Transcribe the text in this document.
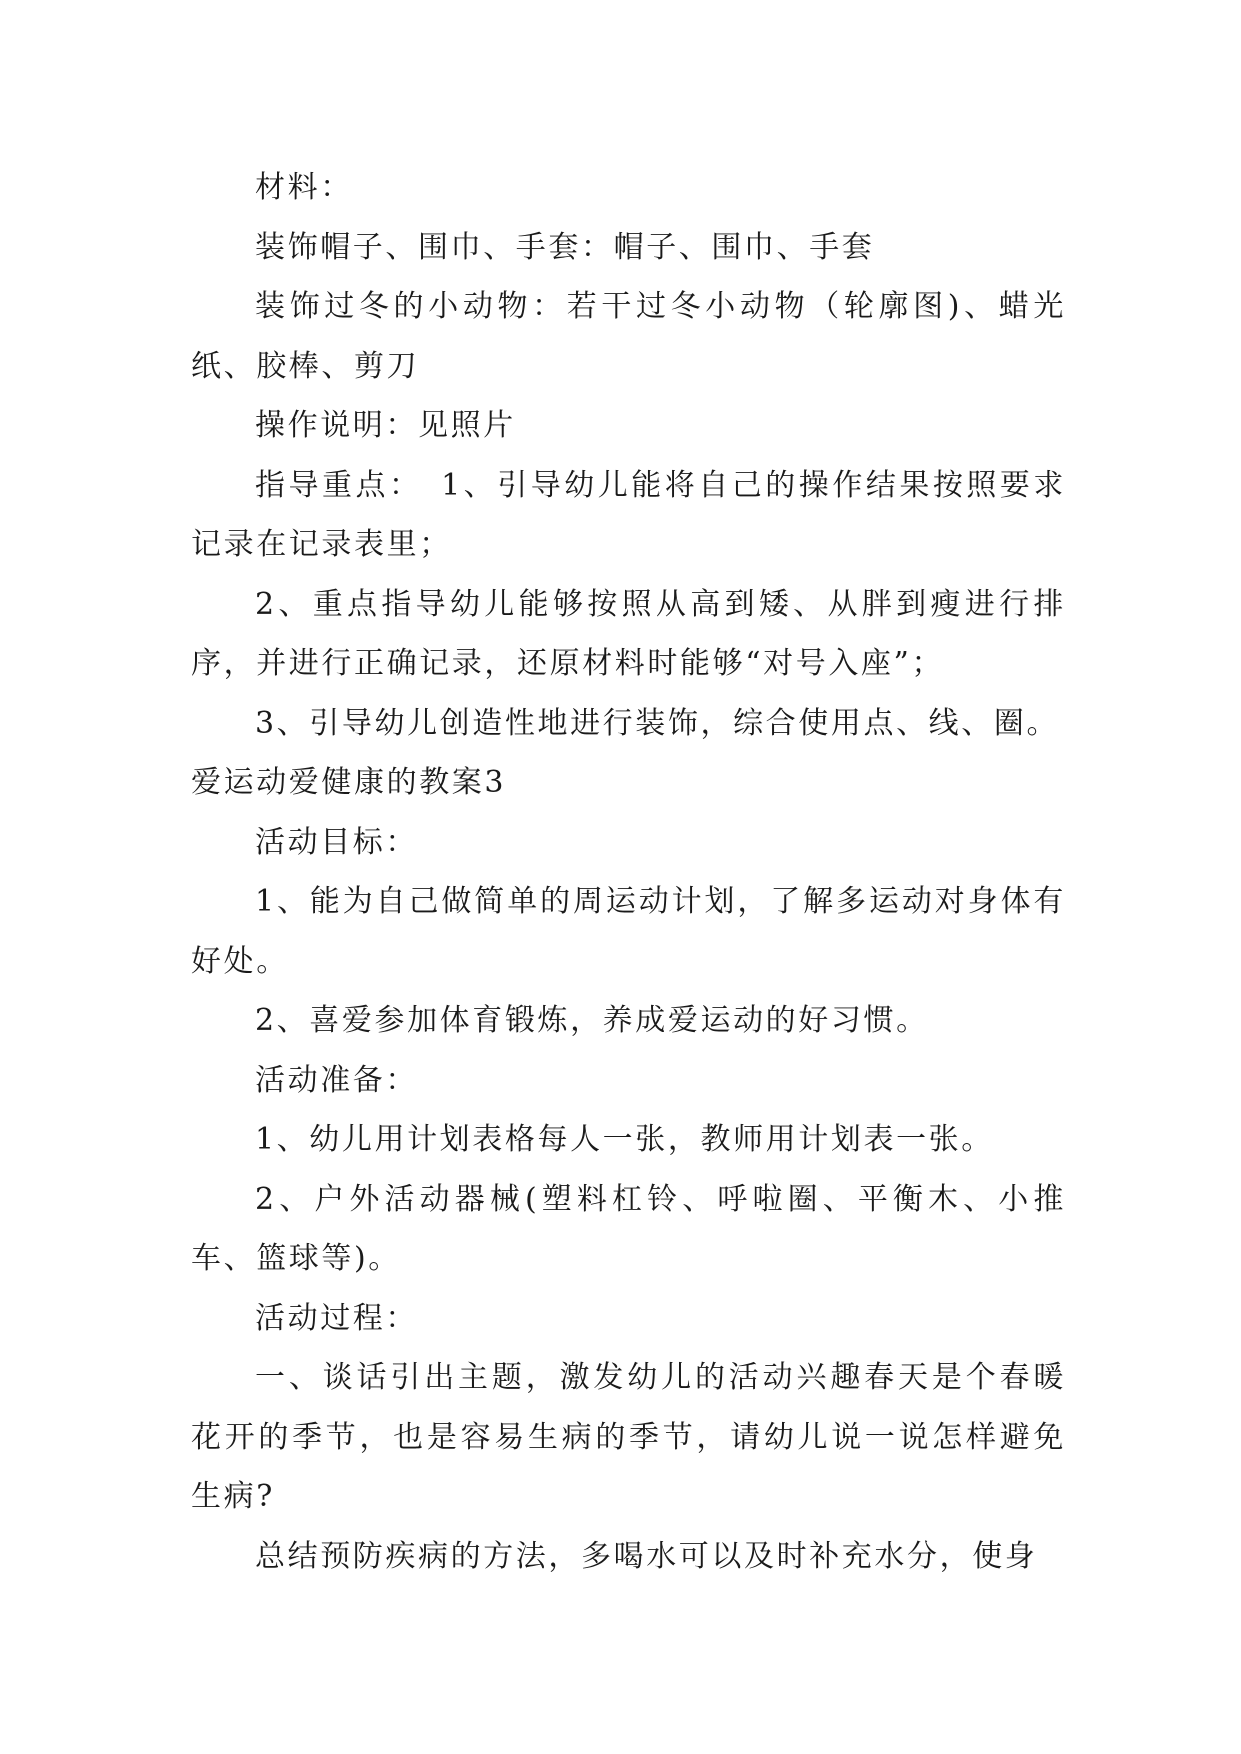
材料：

装饰帽子、围巾、手套：帽子、围巾、手套

装饰过冬的小动物：若干过冬小动物（轮廓图)、蜡光纸、胶棒、剪刀

操作说明：见照片

指导重点：　1、引导幼儿能将自己的操作结果按照要求记录在记录表里；

2、重点指导幼儿能够按照从高到矮、从胖到瘦进行排序，并进行正确记录，还原材料时能够“对号入座”；

3、引导幼儿创造性地进行装饰，综合使用点、线、圈。

爱运动爱健康的教案3

活动目标：

1、能为自己做简单的周运动计划，了解多运动对身体有好处。

2、喜爱参加体育锻炼，养成爱运动的好习惯。

活动准备：

1、幼儿用计划表格每人一张，教师用计划表一张。

2、户外活动器械(塑料杠铃、呼啦圈、平衡木、小推车、篮球等)。

活动过程：

一、谈话引出主题，激发幼儿的活动兴趣春天是个春暖花开的季节，也是容易生病的季节，请幼儿说一说怎样避免生病?

总结预防疾病的方法，多喝水可以及时补充水分，使身
